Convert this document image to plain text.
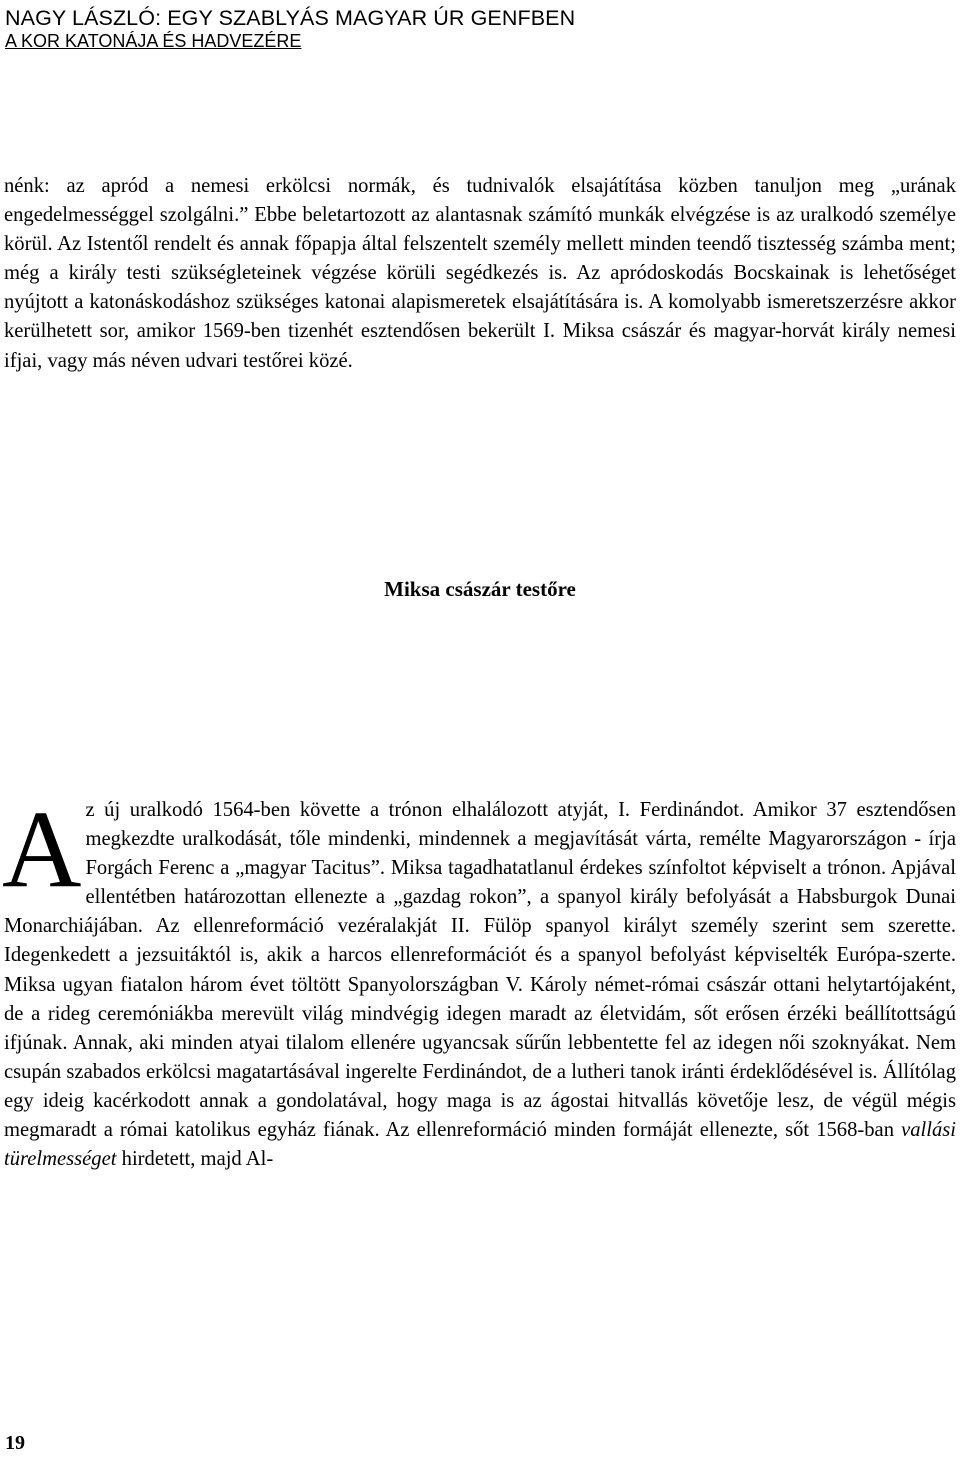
NAGY LÁSZLÓ: EGY SZABLYÁS MAGYAR ÚR GENFBEN
A KOR KATONÁJA ÉS HADVEZÉRE

nénk: az apród a nemesi erkölcsi normák, és tudnivalók elsajátítása közben tanuljon meg „urának engedelmességgel szolgálni.” Ebbe beletartozott az alantasnak számító munkák elvégzése is az uralkodó személye körül. Az Istentől rendelt és annak főpapja által felszentelt személy mellett minden teendő tisztesség számba ment; még a király testi szükségleteinek végzése körüli segédkezés is. Az apródoskodás Bocskainak is lehetőséget nyújtott a katonáskodáshoz szükséges katonai alapismeretek elsajátítására is. A komolyabb ismeretszerzésre akkor kerülhetett sor, amikor 1569-ben tizenhét esztendősen bekerült I. Miksa császár és magyar-horvát király nemesi ifjai, vagy más néven udvari testőrei közé.

Miksa császár testőre

Az új uralkodó 1564-ben követte a trónon elhalálozott atyját, I. Ferdinándot. Amikor 37 esztendősen megkezdte uralkodását, tőle mindenki, mindennek a megjavítását várta, remélte Magyarországon - írja Forgách Ferenc a „magyar Tacitus”. Miksa tagadhatatlanul érdekes színfoltot képviselt a trónon. Apjával ellentétben határozottan ellenezte a „gazdag rokon”, a spanyol király befolyását a Habsburgok Dunai Monarchiájában. Az ellenreformáció vezéralakját II. Fülöp spanyol királyt személy szerint sem szerette. Idegenkedett a jezsuitáktól is, akik a harcos ellenreformációt és a spanyol befolyást képviselték Európa-szerte. Miksa ugyan fiatalon három évet töltött Spanyolországban V. Károly német-római császár ottani helytartójaként, de a rideg ceremóniákba merevült világ mindvégig idegen maradt az életvidám, sőt erősen érzéki beállítottságú ifjúnak. Annak, aki minden atyai tilalom ellenére ugyancsak sűrűn lebbentette fel az idegen női szoknyákat. Nem csupán szabados erkölcsi magatartásával ingerelte Ferdinándot, de a lutheri tanok iránti érdeklődésével is. Állítólag egy ideig kacérkodott annak a gondolatával, hogy maga is az ágostai hitvallás követője lesz, de végül mégis megmaradt a római katolikus egyház fiának. Az ellenreformáció minden formáját ellenezte, sőt 1568-ban vallási türelmességet hirdetett, majd Al-

19
